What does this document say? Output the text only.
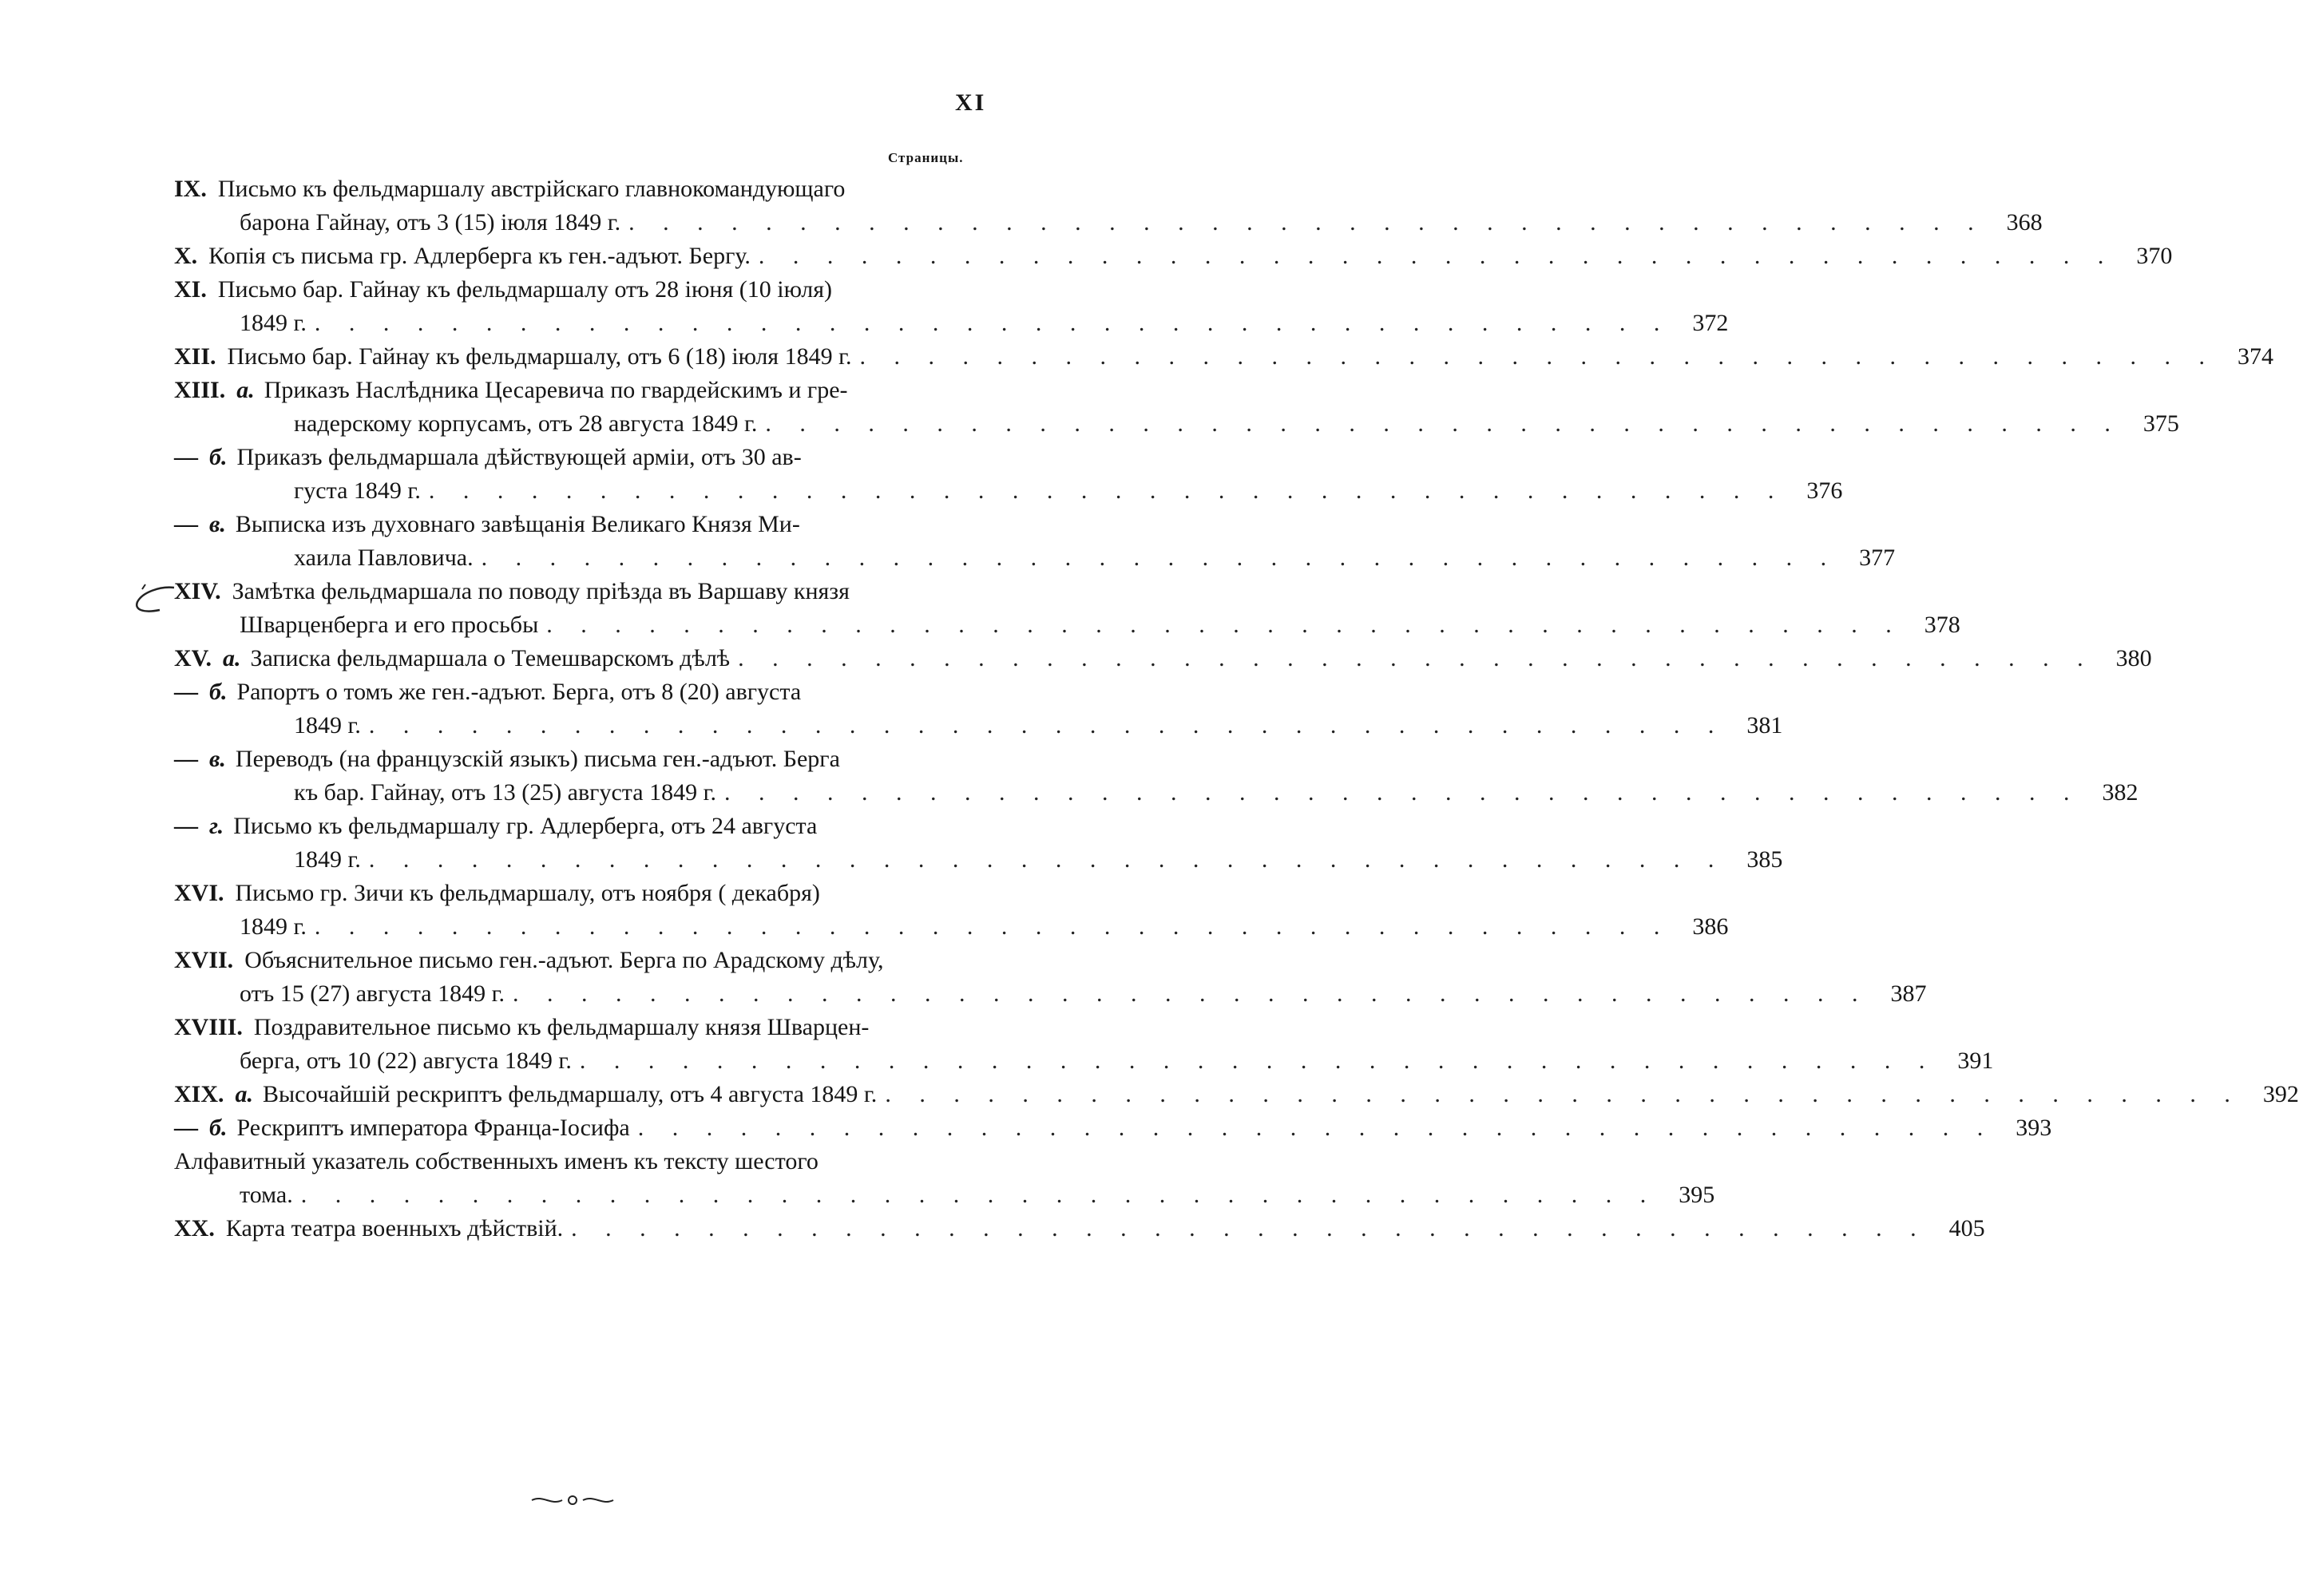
XI
Страницы.
IX. Письмо къ фельдмаршалу австрійскаго главнокомандующаго
барона Гайнау, отъ 3 (15) іюля 1849 г. . . . . . . . . . . . . . . . . . . . . . . . . . . . . . . . . . . . . . . . . 368
X. Копія съ письма гр. Адлерберга къ ген.-адъют. Бергу. . . . . . . . . . . . . . . . . . . . . . . . . . . . . . . . . . . . . . . . . 370
XI. Письмо бар. Гайнау къ фельдмаршалу отъ 28 іюня (10 іюля)
1849 г. . . . . . . . . . . . . . . . . . . . . . . . . . . . . . . . . . . . . . . . . 372
XII. Письмо бар. Гайнау къ фельдмаршалу, отъ 6 (18) іюля 1849 г. . . . . . . . . . . . . . . . . . . . . . . . . . . . . . . . . . . . . . . . . 374
XIII. а. Приказъ Наслѣдника Цесаревича по гвардейскимъ и гре-
надерскому корпусамъ, отъ 28 августа 1849 г. . . . . . . . . . . . . . . . . . . . . . . . . . . . . . . . . . . . . . . . . 375
— б. Приказъ фельдмаршала дѣйствующей арміи, отъ 30 ав-
густа 1849 г. . . . . . . . . . . . . . . . . . . . . . . . . . . . . . . . . . . . . . . . . 376
— в. Выписка изъ духовнаго завѣщанія Великаго Князя Ми-
хаила Павловича. . . . . . . . . . . . . . . . . . . . . . . . . . . . . . . . . . . . . . . . . 377
XIV. Замѣтка фельдмаршала по поводу пріѣзда въ Варшаву князя
Шварценберга и его просьбы . . . . . . . . . . . . . . . . . . . . . . . . . . . . . . . . . . . . . . . . 378
XV. а. Записка фельдмаршала о Темешварскомъ дѣлѣ . . . . . . . . . . . . . . . . . . . . . . . . . . . . . . . . . . . . . . . . 380
— б. Рапортъ о томъ же ген.-адъют. Берга, отъ 8 (20) августа
1849 г. . . . . . . . . . . . . . . . . . . . . . . . . . . . . . . . . . . . . . . . . 381
— в. Переводъ (на французскій языкъ) письма ген.-адъют. Берга
къ бар. Гайнау, отъ 13 (25) августа 1849 г. . . . . . . . . . . . . . . . . . . . . . . . . . . . . . . . . . . . . . . . . 382
— г. Письмо къ фельдмаршалу гр. Адлерберга, отъ 24 августа
1849 г. . . . . . . . . . . . . . . . . . . . . . . . . . . . . . . . . . . . . . . . . 385
XVI. Письмо гр. Зичи къ фельдмаршалу, отъ ноября ( декабря)
1849 г. . . . . . . . . . . . . . . . . . . . . . . . . . . . . . . . . . . . . . . . . 386
XVII. Объяснительное письмо ген.-адъют. Берга по Арадскому дѣлу,
отъ 15 (27) августа 1849 г. . . . . . . . . . . . . . . . . . . . . . . . . . . . . . . . . . . . . . . . . 387
XVIII. Поздравительное письмо къ фельдмаршалу князя Шварцен-
берга, отъ 10 (22) августа 1849 г. . . . . . . . . . . . . . . . . . . . . . . . . . . . . . . . . . . . . . . . . 391
XIX. а. Высочайшій рескриптъ фельдмаршалу, отъ 4 августа 1849 г. . . . . . . . . . . . . . . . . . . . . . . . . . . . . . . . . . . . . . . . . 392
— б. Рескриптъ императора Франца-Іосифа . . . . . . . . . . . . . . . . . . . . . . . . . . . . . . . . . . . . . . . . 393
Алфавитный указатель собственныхъ именъ къ тексту шестого
тома. . . . . . . . . . . . . . . . . . . . . . . . . . . . . . . . . . . . . . . . . 395
XX. Карта театра военныхъ дѣйствій. . . . . . . . . . . . . . . . . . . . . . . . . . . . . . . . . . . . . . . . . 405
